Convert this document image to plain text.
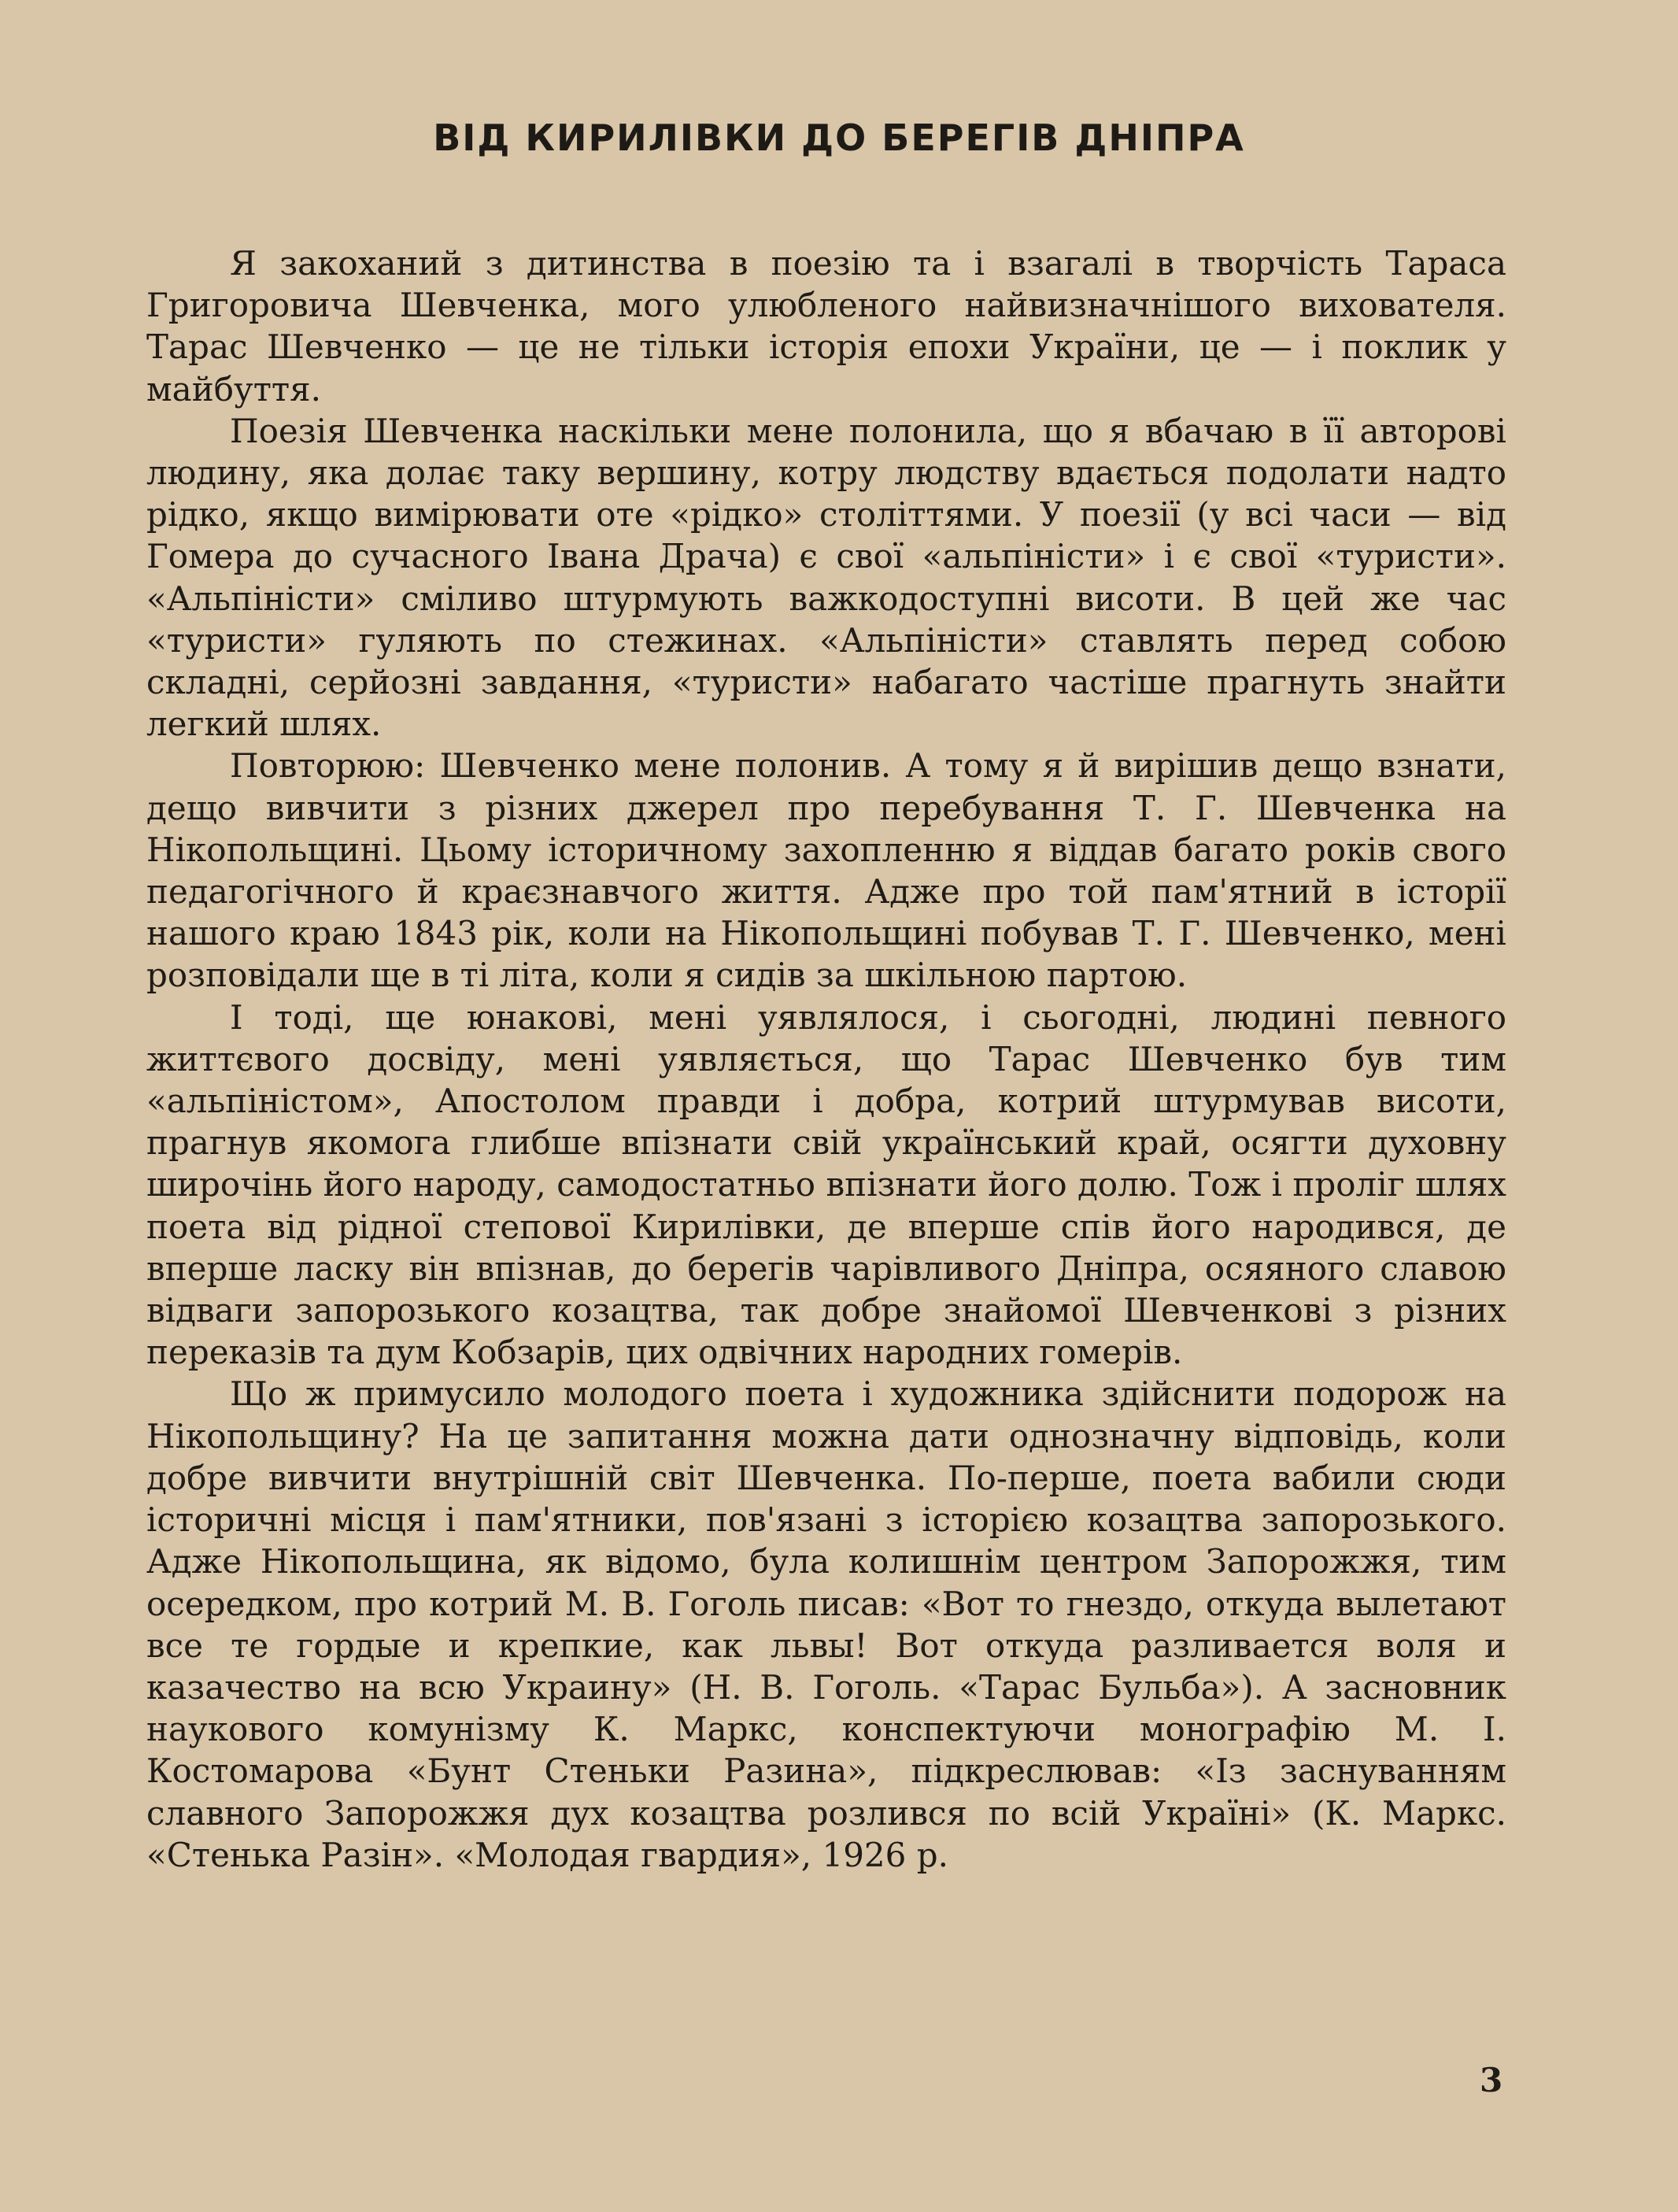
ВІД КИРИЛІВКИ ДО БЕРЕГІВ ДНІПРА

Я закоханий з дитинства в поезію та і взагалі в творчість Тараса Григоровича Шевченка, мого улюбленого найвизначнішого вихователя. Тарас Шевченко — це не тільки історія епохи України, це — і поклик у майбуття.

Поезія Шевченка наскільки мене полонила, що я вбачаю в її авторові людину, яка долає таку вершину, котру людству вдається подолати надто рідко, якщо вимірювати оте «рідко» століттями. У поезії (у всі часи — від Гомера до сучасного Івана Драча) є свої «альпіністи» і є свої «туристи». «Альпіністи» сміливо штурмують важкодоступні висоти. В цей же час «туристи» гуляють по стежинах. «Альпіністи» ставлять перед собою складні, серйозні завдання, «туристи» набагато частіше прагнуть знайти легкий шлях.

Повторюю: Шевченко мене полонив. А тому я й вирішив дещо взнати, дещо вивчити з різних джерел про перебування Т. Г. Шевченка на Нікопольщині. Цьому історичному захопленню я віддав багато років свого педагогічного й краєзнавчого життя. Адже про той пам'ятний в історії нашого краю 1843 рік, коли на Нікопольщині побував Т. Г. Шевченко, мені розповідали ще в ті літа, коли я сидів за шкільною партою.

І тоді, ще юнакові, мені уявлялося, і сьогодні, людині певного життєвого досвіду, мені уявляється, що Тарас Шевченко був тим «альпіністом», Апостолом правди і добра, котрий штурмував висоти, прагнув якомога глибше впізнати свій український край, осягти духовну широчінь його народу, самодостатньо впізнати його долю. Тож і проліг шлях поета від рідної степової Кирилівки, де вперше спів його народився, де вперше ласку він впізнав, до берегів чарівливого Дніпра, осяяного славою відваги запорозького козацтва, так добре знайомої Шевченкові з різних переказів та дум Кобзарів, цих одвічних народних гомерів.

Що ж примусило молодого поета і художника здійснити подорож на Нікопольщину? На це запитання можна дати однозначну відповідь, коли добре вивчити внутрішній світ Шевченка. По-перше, поета вабили сюди історичні місця і пам'ятники, пов'язані з історією козацтва запорозького. Адже Нікопольщина, як відомо, була колишнім центром Запорожжя, тим осередком, про котрий М. В. Гоголь писав: «Вот то гнездо, откуда вылетают все те гордые и крепкие, как львы! Вот откуда разливается воля и казачество на всю Украину» (Н. В. Гоголь. «Тарас Бульба»). А засновник наукового комунізму К. Маркс, конспектуючи монографію М. І. Костомарова «Бунт Стеньки Разина», підкреслював: «Із заснуванням славного Запорожжя дух козацтва розлився по всій Україні» (К. Маркс. «Стенька Разін». «Молодая гвардия», 1926 р.

3
